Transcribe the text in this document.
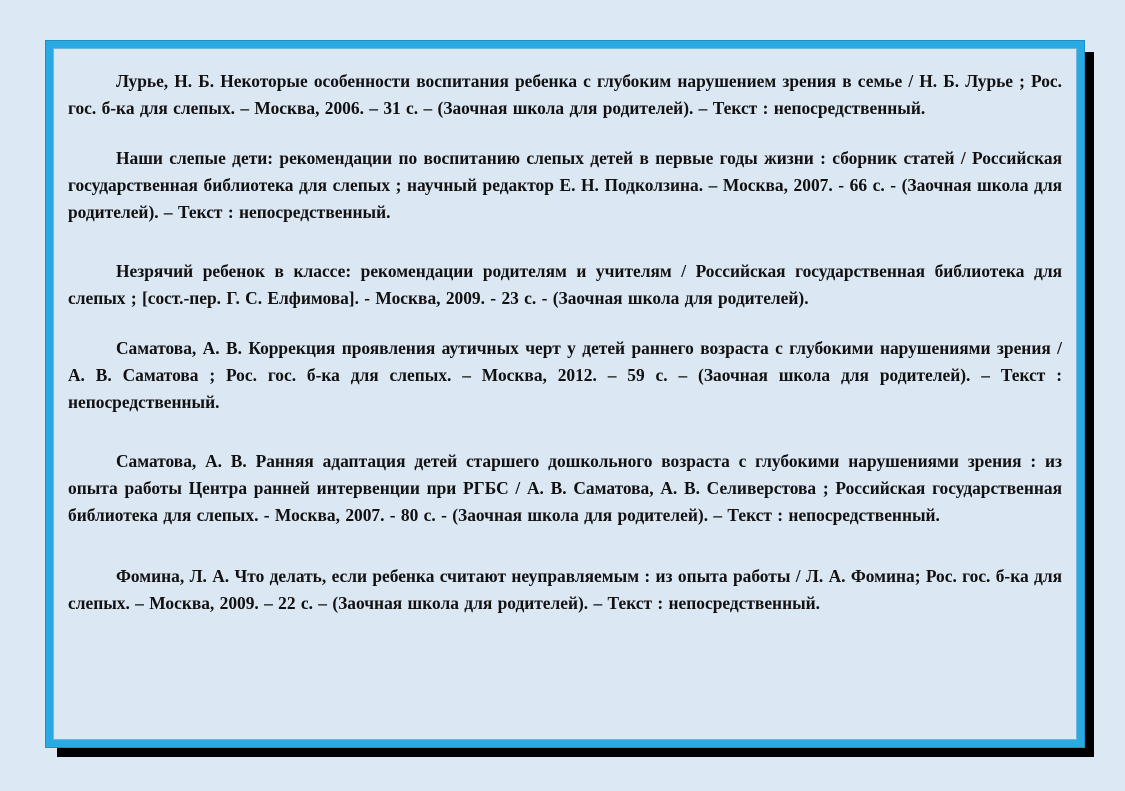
Лурье, Н. Б. Некоторые особенности воспитания ребенка с глубоким нарушением зрения в семье / Н. Б. Лурье ; Рос. гос. б-ка для слепых. – Москва, 2006. – 31 с. – (Заочная школа для родителей). – Текст : непосредственный.

Наши слепые дети: рекомендации по воспитанию слепых детей в первые годы жизни : сборник статей / Российская государственная библиотека для слепых ; научный редактор Е. Н. Подколзина. – Москва, 2007. - 66 с. - (Заочная школа для родителей). – Текст : непосредственный.

Незрячий ребенок в классе: рекомендации родителям и учителям / Российская государственная библиотека для слепых ; [сост.-пер. Г. С. Елфимова]. - Москва, 2009. - 23 с. - (Заочная школа для родителей).

Саматова, А. В. Коррекция проявления аутичных черт у детей раннего возраста с глубокими нарушениями зрения / А. В. Саматова ; Рос. гос. б-ка для слепых. – Москва, 2012. – 59 с. – (Заочная школа для родителей). – Текст : непосредственный.

Саматова, А. В. Ранняя адаптация детей старшего дошкольного возраста с глубокими нарушениями зрения : из опыта работы Центра ранней интервенции при РГБС / А. В. Саматова, А. В. Селиверстова ; Российская государственная библиотека для слепых. - Москва, 2007. - 80 с. - (Заочная школа для родителей). – Текст : непосредственный.

Фомина, Л. А. Что делать, если ребенка считают неуправляемым : из опыта работы / Л. А. Фомина; Рос. гос. б-ка для слепых. – Москва, 2009. – 22 с. – (Заочная школа для родителей). – Текст : непосредственный.
